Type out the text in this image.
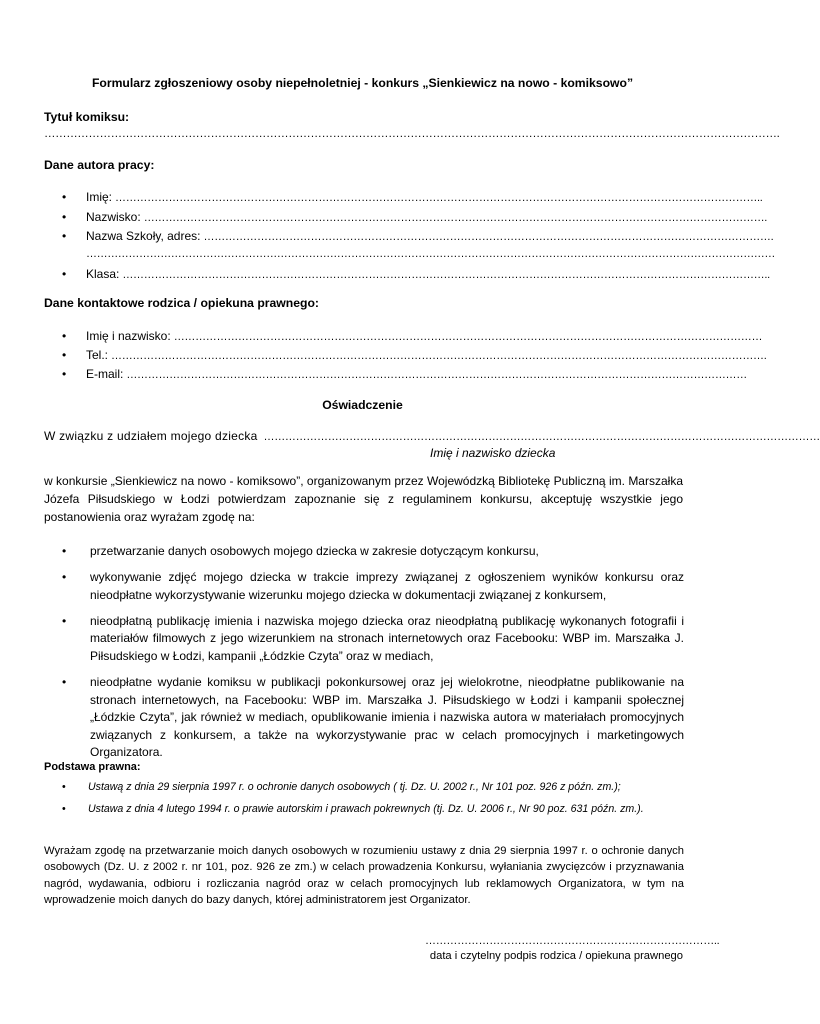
Formularz zgłoszeniowy osoby niepełnoletniej - konkurs „Sienkiewicz na nowo - komiksowo”
Tytuł komiksu:
……………………………………………………………………………………………………………………………………………………………………………….
Dane autora pracy:
•	Imię: ………………………………………………………………………………………………………………………………………………………………..
•	Nazwisko: ………………………………………………………………………………………………………………………………………………………….
•	Nazwa Szkoły, adres: …………………………………………………………………………………………………………………………………………….
……………………………………………………………………………………………………………………………………………………………………………
•	Klasa: ………………………………………………………………………………………………………………………………………………………………..
Dane kontaktowe rodzica / opiekuna prawnego:
•	Imię i nazwisko: …………………………………………………………………………………………………………………………………………………
•	Tel.: ………………………………………………………………………………………………………………………………………………………………….
•	E-mail: …………………………………………………………………………………………………………………………………………………………
Oświadczenie
W związku z udziałem mojego dziecka …………………………………………………………………………………………………………………………………………
Imię i nazwisko dziecka
w konkursie „Sienkiewicz na nowo - komiksowo”, organizowanym przez Wojewódzką Bibliotekę Publiczną im. Marszałka Józefa Piłsudskiego w Łodzi potwierdzam zapoznanie się z regulaminem konkursu, akceptuję wszystkie jego postanowienia oraz wyrażam zgodę na:
•	przetwarzanie danych osobowych mojego dziecka w zakresie dotyczącym konkursu,
•	wykonywanie zdjęć mojego dziecka w trakcie imprezy związanej z ogłoszeniem wyników konkursu oraz nieodpłatne wykorzystywanie wizerunku mojego dziecka w dokumentacji związanej z konkursem,
•	nieodpłatną publikację imienia i nazwiska mojego dziecka oraz nieodpłatną publikację wykonanych fotografii i materiałów filmowych z jego wizerunkiem na stronach internetowych oraz Facebooku: WBP im. Marszałka J. Piłsudskiego w Łodzi, kampanii „Łódzkie Czyta” oraz w mediach,
•	nieodpłatne wydanie komiksu w publikacji pokonkursowej oraz jej wielokrotne, nieodpłatne publikowanie na stronach internetowych, na Facebooku: WBP im. Marszałka J. Piłsudskiego w Łodzi i kampanii społecznej „Łódzkie Czyta”, jak również w mediach, opublikowanie imienia i nazwiska autora w materiałach promocyjnych związanych z konkursem, a także na wykorzystywanie prac w celach promocyjnych i marketingowych Organizatora.
Podstawa prawna:
•	Ustawą z dnia 29 sierpnia 1997 r. o ochronie danych osobowych ( tj. Dz. U. 2002 r., Nr 101 poz. 926 z późn. zm.);
•	Ustawa z dnia 4 lutego 1994 r. o prawie autorskim i prawach pokrewnych (tj. Dz. U. 2006 r., Nr 90 poz. 631 późn. zm.).
Wyrażam zgodę na przetwarzanie moich danych osobowych w rozumieniu ustawy z dnia 29 sierpnia 1997 r. o ochronie danych osobowych (Dz. U. z 2002 r. nr 101, poz. 926 ze zm.) w celach prowadzenia Konkursu, wyłaniania zwycięzców i przyznawania nagród, wydawania, odbioru i rozliczania nagród oraz w celach promocyjnych lub reklamowych Organizatora, w tym na wprowadzenie moich danych do bazy danych, której administratorem jest Organizator.
………………………………………………………………………..
data i czytelny podpis rodzica / opiekuna prawnego
